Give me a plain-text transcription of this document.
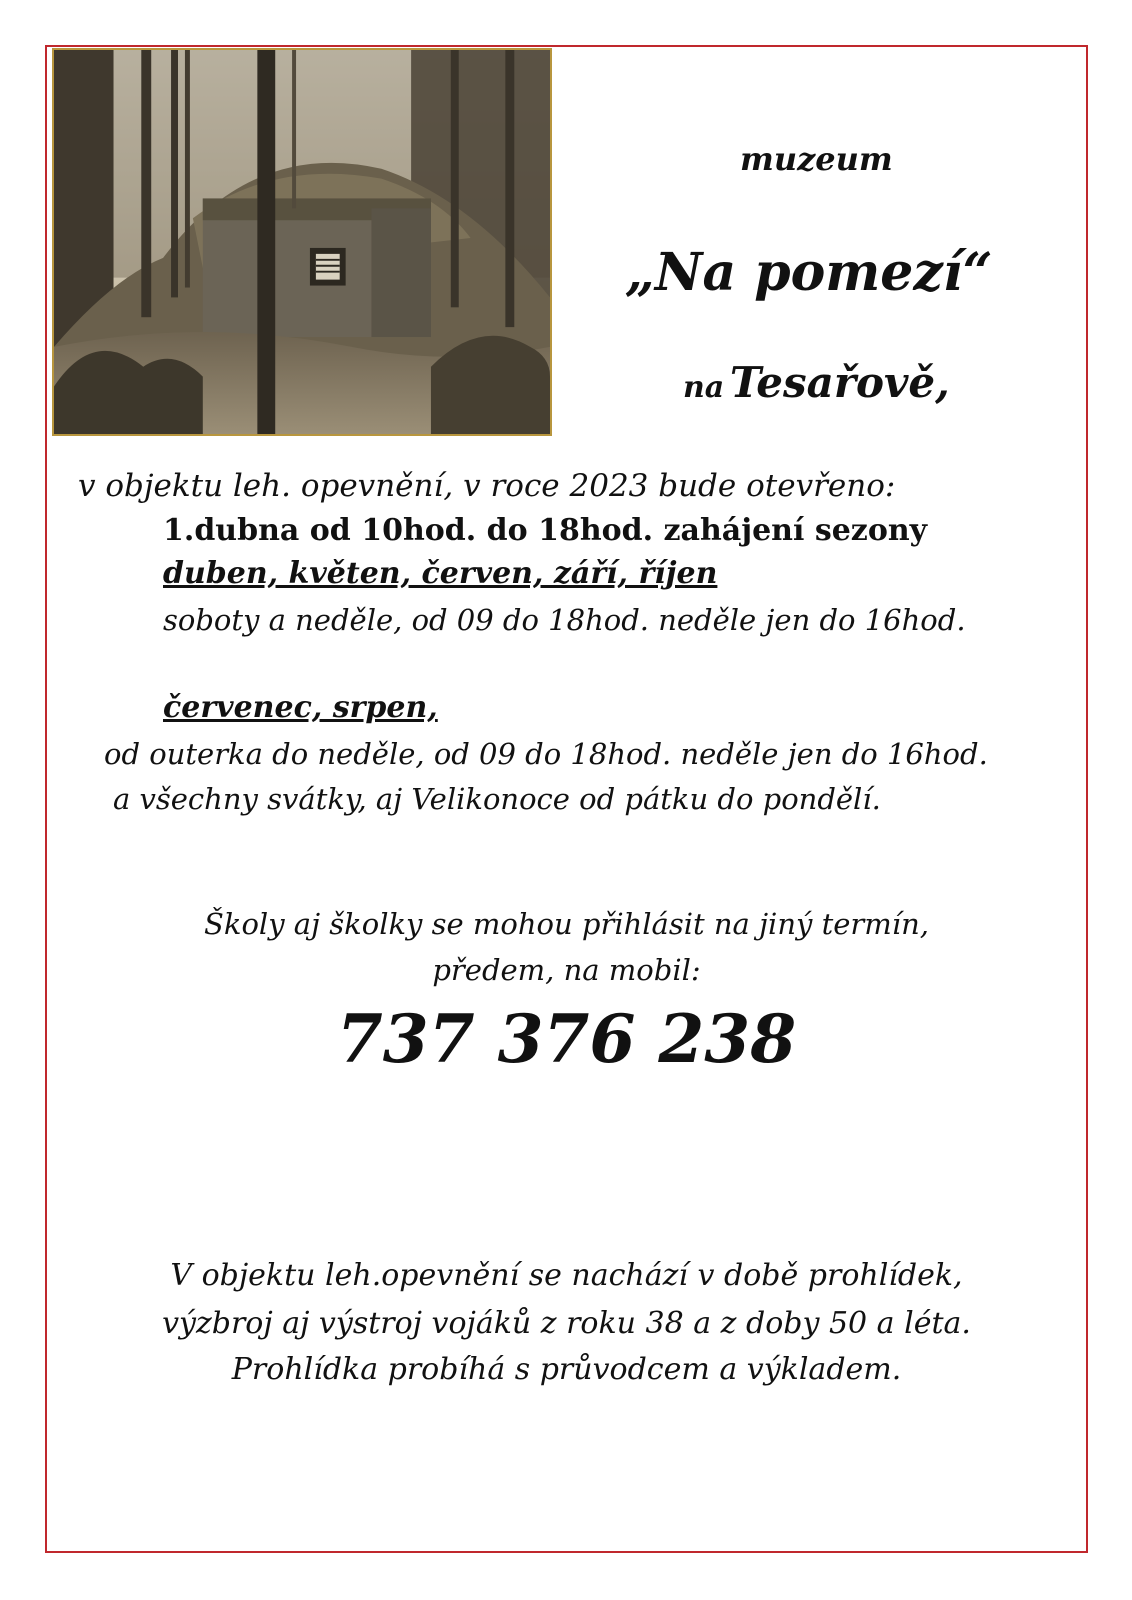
muzeum

„Na pomezí“

na Tesařově,

v objektu leh. opevnění, v roce 2023 bude otevřeno:

1.dubna od 10hod. do 18hod. zahájení sezony

duben, květen, červen, září, říjen

soboty a neděle, od 09 do 18hod. neděle jen do 16hod.

červenec, srpen,

od outerka do neděle, od 09 do 18hod. neděle jen do 16hod.

a všechny svátky, aj Velikonoce od pátku do pondělí.

Školy aj školky se mohou přihlásit na jiný termín,

předem, na mobil:

737 376 238

V objektu leh.opevnění se nachází v době prohlídek,

výzbroj aj výstroj vojáků z roku 38 a z doby 50 a léta.

Prohlídka probíhá s průvodcem a výkladem.
